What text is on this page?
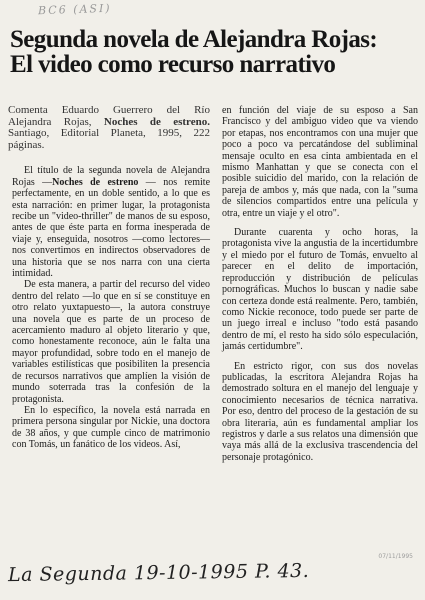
BC6 (ASI)
Segunda novela de Alejandra Rojas:
El video como recurso narrativo

Comenta Eduardo Guerrero del Río Alejandra Rojas, Noches de estreno. Santiago, Editorial Planeta, 1995, 222 páginas.

El título de la segunda novela de Alejandra Rojas —Noches de estreno — nos remite perfectamente, en un doble sentido, a lo que es esta narración: en primer lugar, la protagonista recibe un "video-thriller" de manos de su esposo, antes de que éste parta en forma inesperada de viaje y, enseguida, nosotros —como lectores— nos convertimos en indirectos observadores de una historia que se nos narra con una cierta intimidad.

De esta manera, a partir del recurso del video dentro del relato —lo que en sí se constituye en otro relato yuxtapuesto—, la autora construye una novela que es parte de un proceso de acercamiento maduro al objeto literario y que, como honestamente reconoce, aún le falta una mayor profundidad, sobre todo en el manejo de variables estilísticas que posibiliten la presencia de recursos narrativos que amplíen la visión de mundo soterrada tras la confesión de la protagonista.

En lo específico, la novela está narrada en primera persona singular por Nickie, una doctora de 38 años, y que cumple cinco de matrimonio con Tomás, un fanático de los videos. Así,

en función del viaje de su esposo a San Francisco y del ambiguo video que va viendo por etapas, nos encontramos con una mujer que poco a poco va percatándose del subliminal mensaje oculto en esa cinta ambientada en el mismo Manhattan y que se conecta con el posible suicidio del marido, con la relación de pareja de ambos y, más que nada, con la "suma de silencios compartidos entre una película y otra, entre un viaje y el otro".

Durante cuarenta y ocho horas, la protagonista vive la angustia de la incertidumbre y el miedo por el futuro de Tomás, envuelto al parecer en el delito de importación, reproducción y distribución de películas pornográficas. Muchos lo buscan y nadie sabe con certeza donde está realmente. Pero, también, como Nickie reconoce, todo puede ser parte de un juego irreal e incluso "todo está pasando dentro de mí, el resto ha sido sólo especulación, jamás certidumbre".

En estricto rigor, con sus dos novelas publicadas, la escritora Alejandra Rojas ha demostrado soltura en el manejo del lenguaje y conocimiento necesarios de técnica narrativa. Por eso, dentro del proceso de la gestación de su obra literaria, aún es fundamental ampliar los registros y darle a sus relatos una dimensión que vaya más allá de la exclusiva trascendencia del personaje protagónico.

07/11/1995
La Segunda 19-10-1995 P. 43.
